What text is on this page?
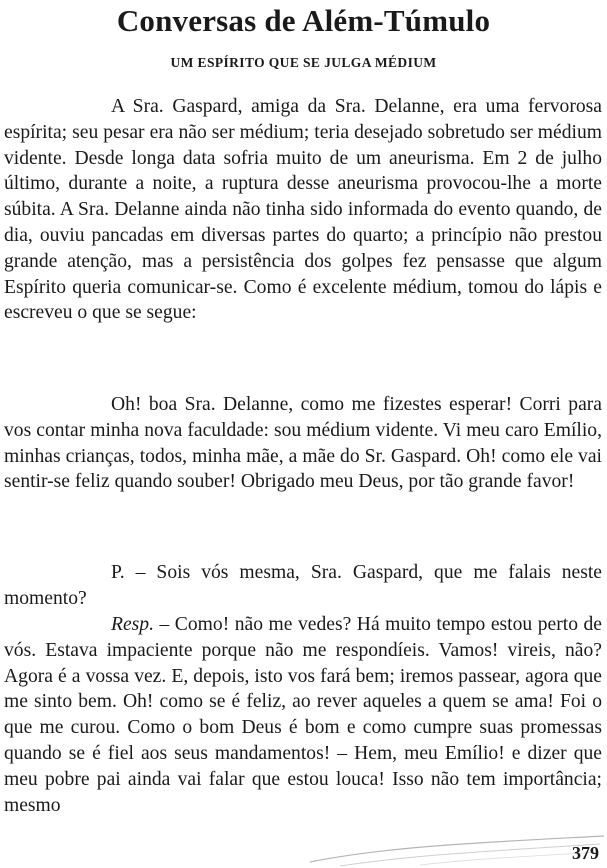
Conversas de Além-Túmulo
UM ESPÍRITO QUE SE JULGA MÉDIUM

A Sra. Gaspard, amiga da Sra. Delanne, era uma fervorosa espírita; seu pesar era não ser médium; teria desejado sobretudo ser médium vidente. Desde longa data sofria muito de um aneurisma. Em 2 de julho último, durante a noite, a ruptura desse aneurisma provocou-lhe a morte súbita. A Sra. Delanne ainda não tinha sido informada do evento quando, de dia, ouviu pancadas em diversas partes do quarto; a princípio não prestou grande atenção, mas a persistência dos golpes fez pensasse que algum Espírito queria comunicar-se. Como é excelente médium, tomou do lápis e escreveu o que se segue:

Oh! boa Sra. Delanne, como me fizestes esperar! Corri para vos contar minha nova faculdade: sou médium vidente. Vi meu caro Emílio, minhas crianças, todos, minha mãe, a mãe do Sr. Gaspard. Oh! como ele vai sentir-se feliz quando souber! Obrigado meu Deus, por tão grande favor!

P. – Sois vós mesma, Sra. Gaspard, que me falais neste momento?

Resp. – Como! não me vedes? Há muito tempo estou perto de vós. Estava impaciente porque não me respondíeis. Vamos! vireis, não? Agora é a vossa vez. E, depois, isto vos fará bem; iremos passear, agora que me sinto bem. Oh! como se é feliz, ao rever aqueles a quem se ama! Foi o que me curou. Como o bom Deus é bom e como cumpre suas promessas quando se é fiel aos seus mandamentos! – Hem, meu Emílio! e dizer que meu pobre pai ainda vai falar que estou louca! Isso não tem importância; mesmo

379
